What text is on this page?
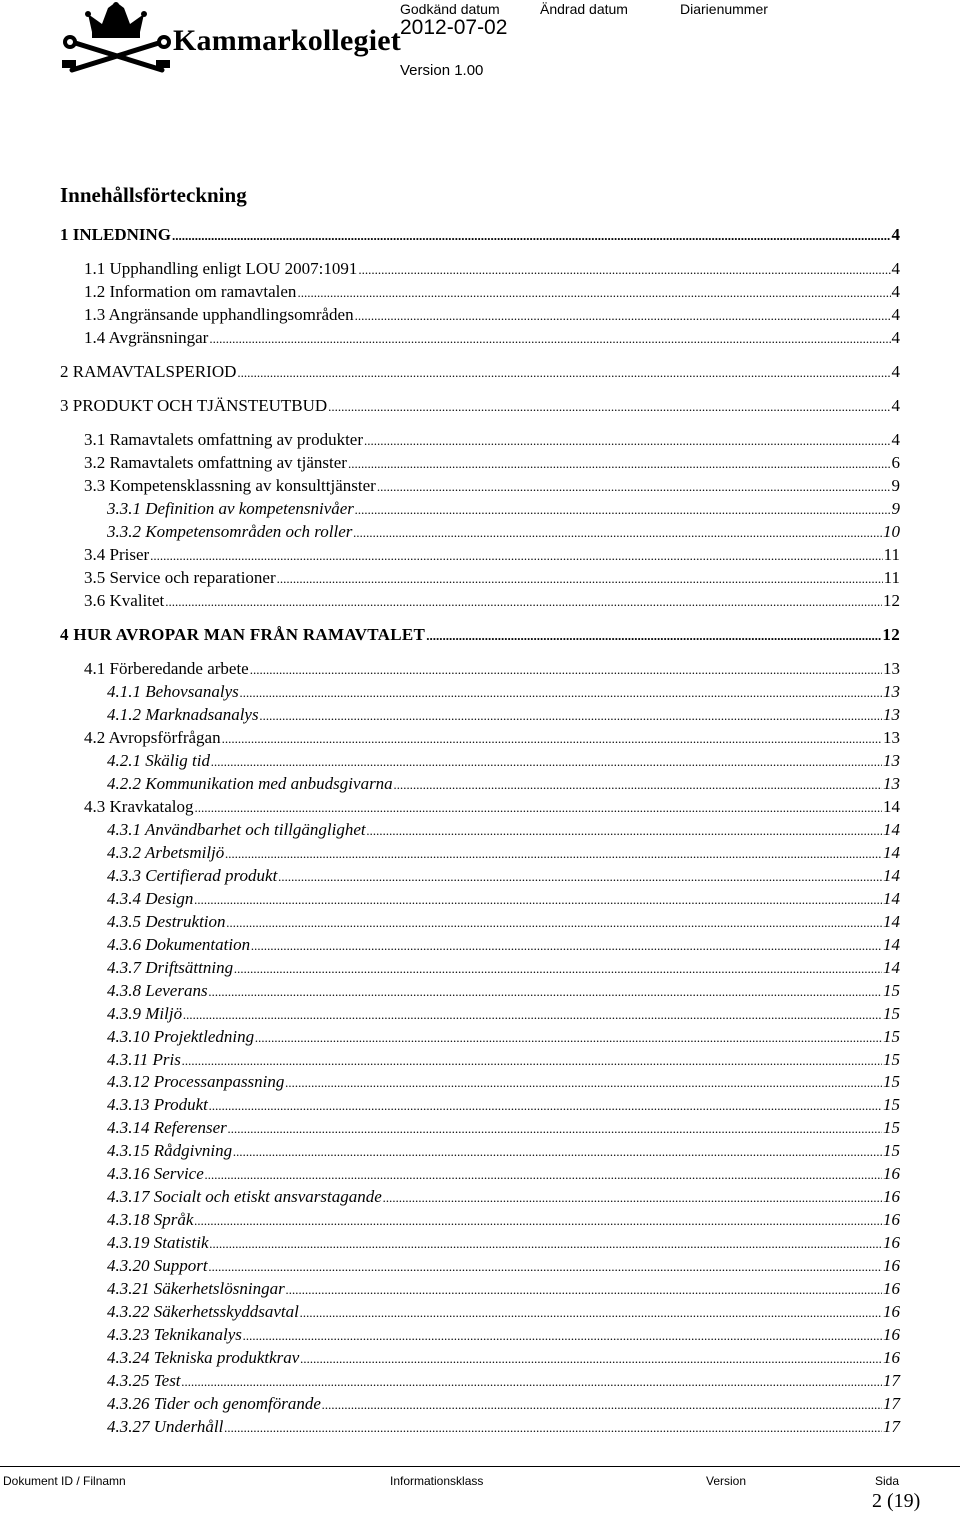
Kammarkollegiet
Godkänd datum	Ändrad datum	Diarienummer
2012-07-02
Version 1.00
Innehållsförteckning
1 INLEDNING .....	4
1.1 Upphandling enligt LOU 2007:1091 .....	4
1.2 Information om ramavtalen .....	4
1.3 Angränsande upphandlingsområden .....	4
1.4 Avgränsningar .....	4
2 RAMAVTALSPERIOD .....	4
3 PRODUKT OCH TJÄNSTEUTBUD .....	4
3.1 Ramavtalets omfattning av produkter .....	4
3.2 Ramavtalets omfattning av tjänster .....	6
3.3 Kompetensklassning av konsulttjänster .....	9
3.3.1 Definition av kompetensnivåer .....	9
3.3.2 Kompetensområden och roller .....	10
3.4 Priser .....	11
3.5 Service och reparationer .....	11
3.6 Kvalitet .....	12
4 HUR AVROPAR MAN FRÅN RAMAVTALET .....	12
4.1 Förberedande arbete .....	13
4.1.1 Behovsanalys .....	13
4.1.2 Marknadsanalys .....	13
4.2 Avropsförfrågan .....	13
4.2.1 Skälig tid .....	13
4.2.2 Kommunikation med anbudsgivarna .....	13
4.3 Kravkatalog .....	14
4.3.1 Användbarhet och tillgänglighet .....	14
4.3.2 Arbetsmiljö .....	14
4.3.3 Certifierad produkt .....	14
4.3.4 Design .....	14
4.3.5 Destruktion .....	14
4.3.6 Dokumentation .....	14
4.3.7 Driftsättning .....	14
4.3.8 Leverans .....	15
4.3.9 Miljö .....	15
4.3.10 Projektledning .....	15
4.3.11 Pris .....	15
4.3.12 Processanpassning .....	15
4.3.13 Produkt .....	15
4.3.14 Referenser .....	15
4.3.15 Rådgivning .....	15
4.3.16 Service .....	16
4.3.17 Socialt och etiskt ansvarstagande .....	16
4.3.18 Språk .....	16
4.3.19 Statistik .....	16
4.3.20 Support .....	16
4.3.21 Säkerhetslösningar .....	16
4.3.22 Säkerhetsskyddsavtal .....	16
4.3.23 Teknikanalys .....	16
4.3.24 Tekniska produktkrav .....	16
4.3.25 Test .....	17
4.3.26 Tider och genomförande .....	17
4.3.27 Underhåll .....	17
Dokument ID / Filnamn	Informationsklass	Version	Sida
2 (19)
